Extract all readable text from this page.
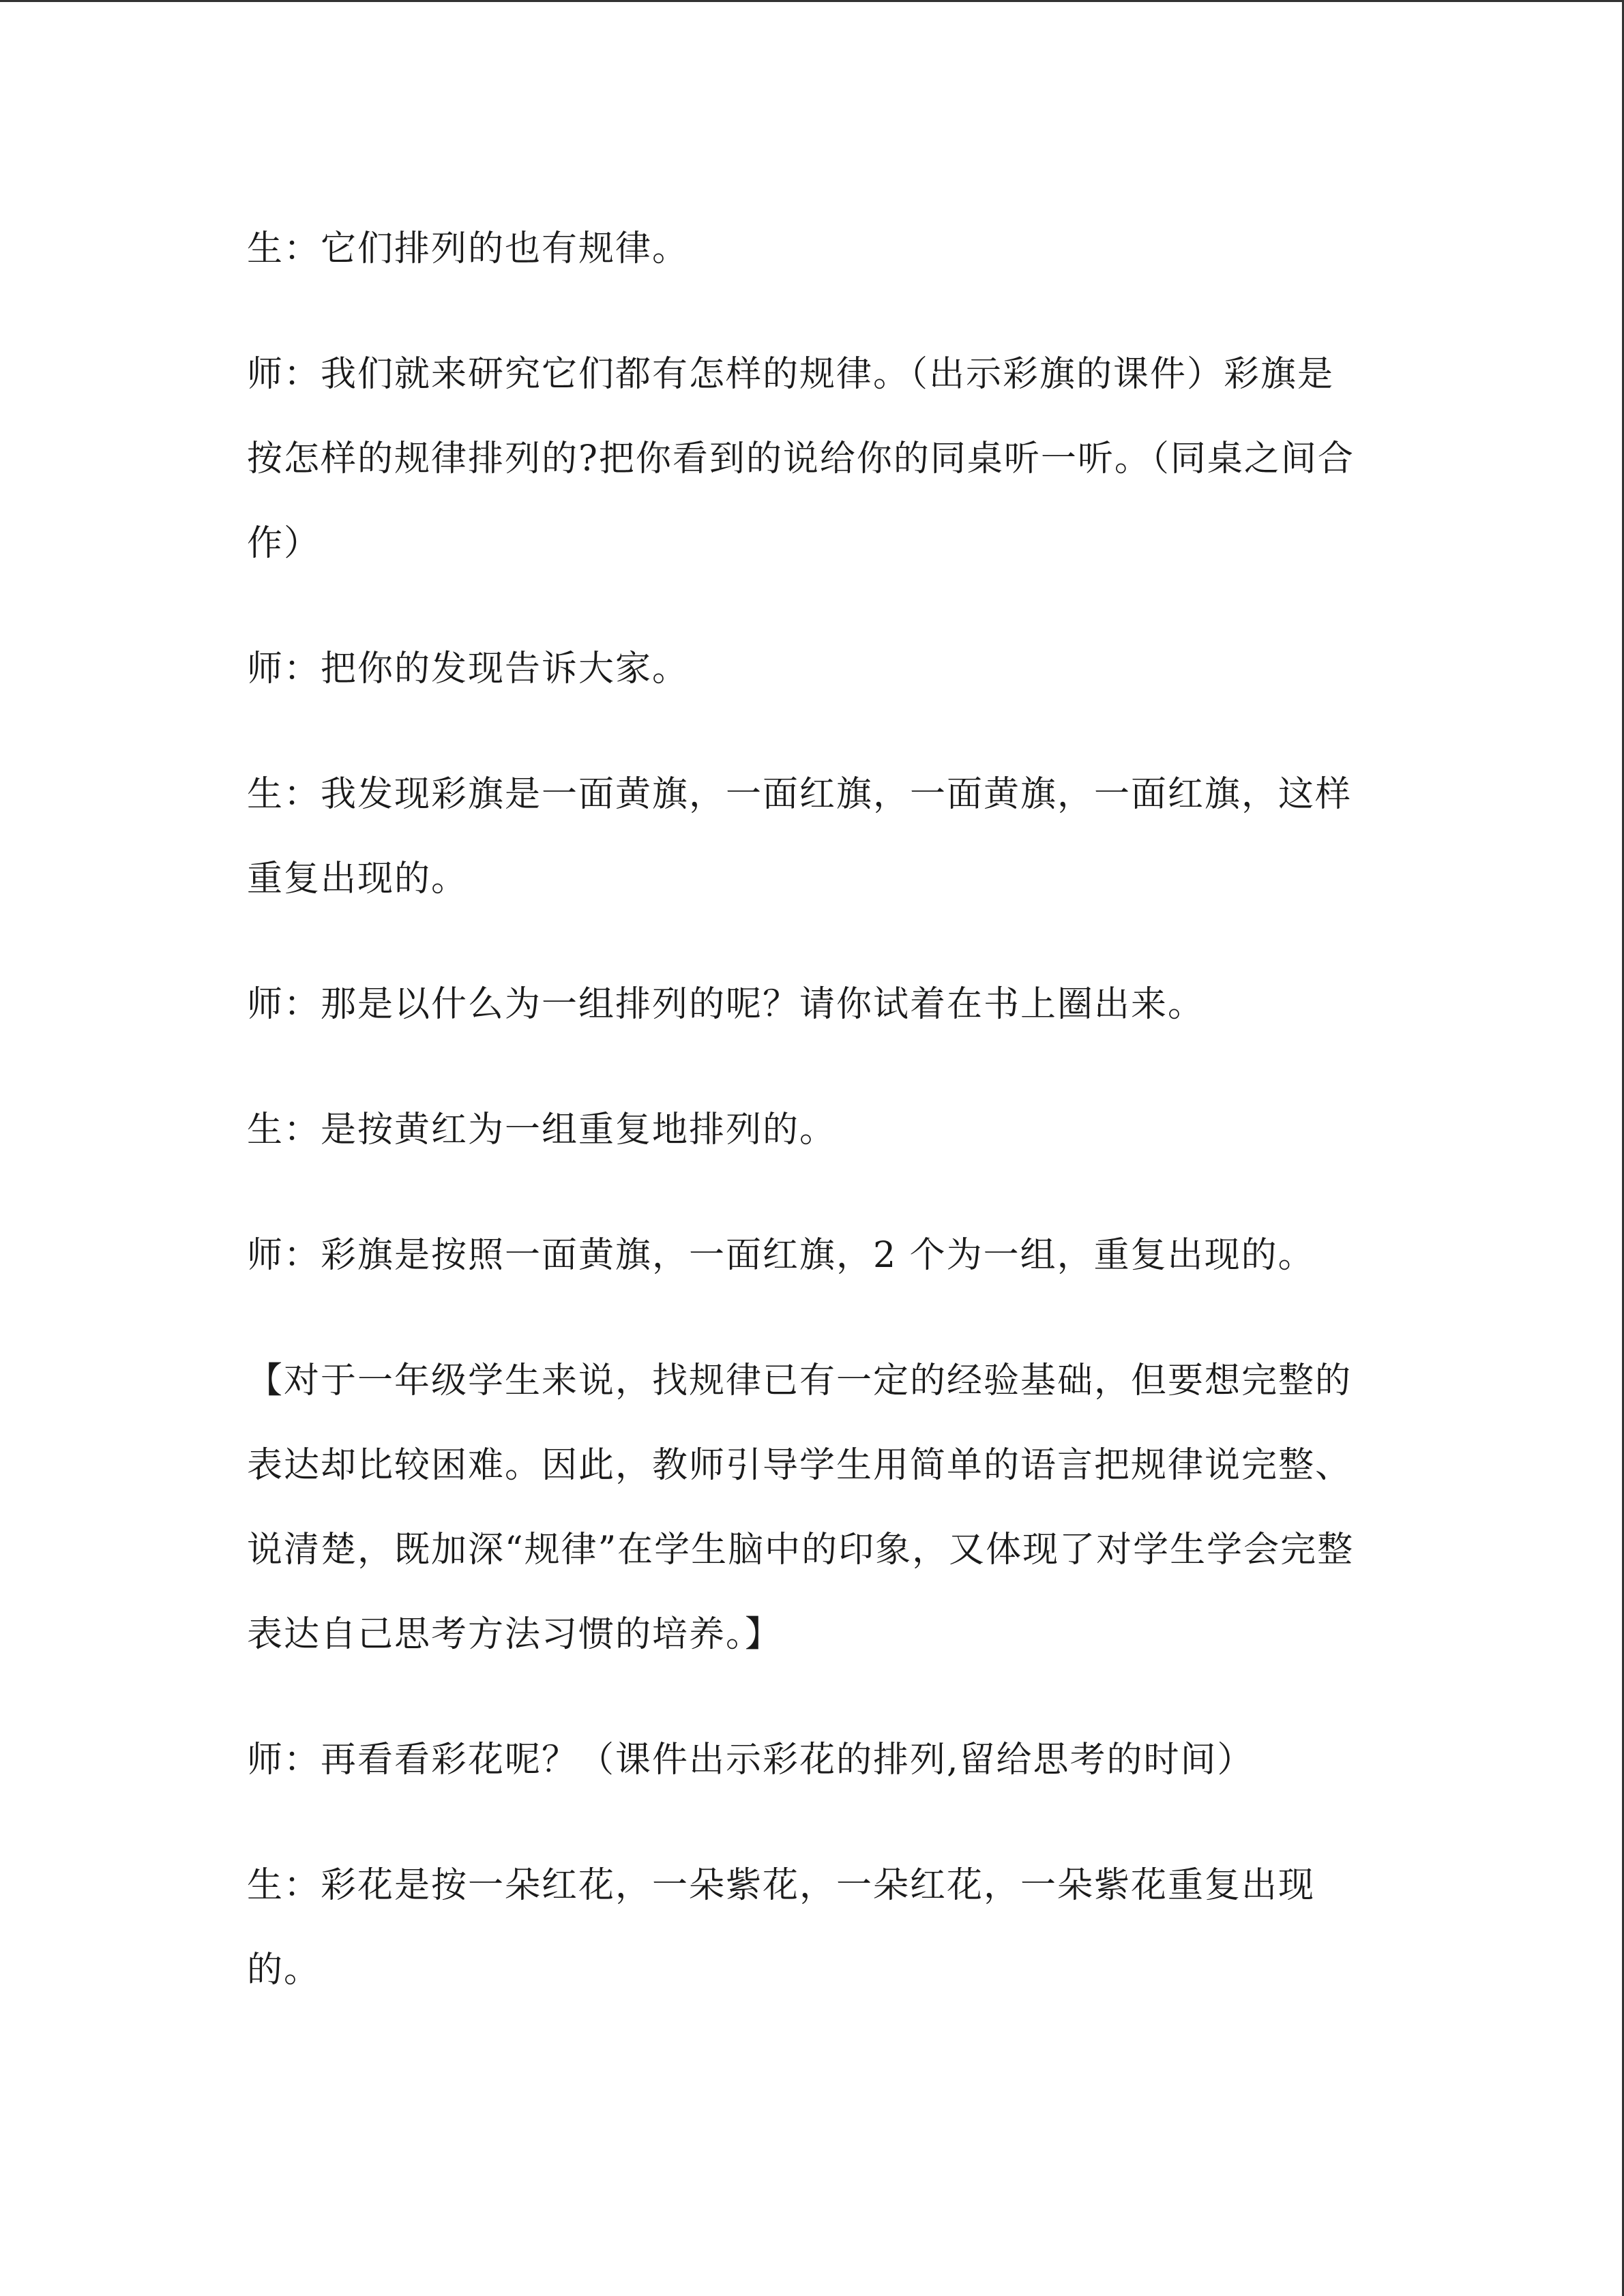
生：它们排列的也有规律。

师：我们就来研究它们都有怎样的规律。（出示彩旗的课件）彩旗是按怎样的规律排列的?把你看到的说给你的同桌听一听。（同桌之间合作）

师：把你的发现告诉大家。

生：我发现彩旗是一面黄旗，一面红旗，一面黄旗，一面红旗，这样重复出现的。

师：那是以什么为一组排列的呢？请你试着在书上圈出来。

生：是按黄红为一组重复地排列的。

师：彩旗是按照一面黄旗，一面红旗，2 个为一组，重复出现的。

【对于一年级学生来说，找规律已有一定的经验基础，但要想完整的表达却比较困难。因此，教师引导学生用简单的语言把规律说完整、说清楚，既加深“规律”在学生脑中的印象，又体现了对学生学会完整表达自己思考方法习惯的培养。】

师：再看看彩花呢？（课件出示彩花的排列,留给思考的时间）

生：彩花是按一朵红花，一朵紫花，一朵红花，一朵紫花重复出现的。
